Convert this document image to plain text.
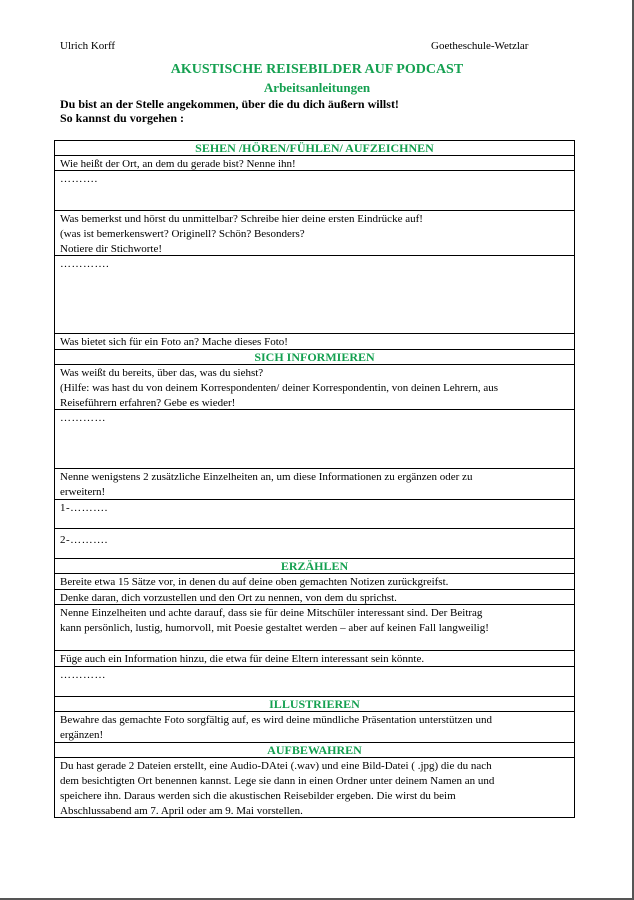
Ulrich Korff	Goetheschule-Wetzlar
AKUSTISCHE REISEBILDER AUF PODCAST
Arbeitsanleitungen
Du bist an der Stelle angekommen, über die du dich äußern willst!
So kannst du vorgehen :
SEHEN /HÖREN/FÜHLEN/ AUFZEICHNEN
Wie heißt der Ort, an dem du gerade bist? Nenne ihn!
……….
Was bemerkst und hörst du unmittelbar? Schreibe hier deine ersten Eindrücke auf!
(was ist bemerkenswert? Originell? Schön? Besonders?
Notiere dir Stichworte!
………….
Was bietet sich für ein Foto an? Mache dieses Foto!
SICH INFORMIEREN
Was weißt du bereits, über das, was du siehst?
(Hilfe: was hast du von deinem Korrespondenten/ deiner Korrespondentin, von deinen Lehrern, aus
Reiseführern erfahren? Gebe es wieder!
…………
Nenne wenigstens 2 zusätzliche Einzelheiten an, um diese Informationen zu ergänzen oder zu
erweitern!
1-……….
2-……….
ERZÄHLEN
Bereite etwa 15 Sätze vor, in denen du auf deine oben gemachten Notizen zurückgreifst.
Denke daran, dich vorzustellen und den Ort zu nennen, von dem du sprichst.
Nenne Einzelheiten und achte darauf, dass sie für deine Mitschüler interessant sind. Der Beitrag
kann persönlich, lustig, humorvoll, mit Poesie gestaltet werden – aber auf keinen Fall langweilig!
Füge auch ein Information hinzu, die etwa für deine Eltern interessant sein könnte.
…………
ILLUSTRIEREN
Bewahre das gemachte Foto sorgfältig auf, es wird deine mündliche Präsentation unterstützen und
ergänzen!
AUFBEWAHREN
Du hast gerade 2 Dateien erstellt, eine Audio-DAtei (.wav) und eine Bild-Datei ( .jpg) die du nach
dem besichtigten Ort benennen kannst. Lege sie dann in einen Ordner unter deinem Namen an und
speichere ihn. Daraus werden sich die akustischen Reisebilder ergeben. Die wirst du beim
Abschlussabend am 7. April oder am 9. Mai vorstellen.
